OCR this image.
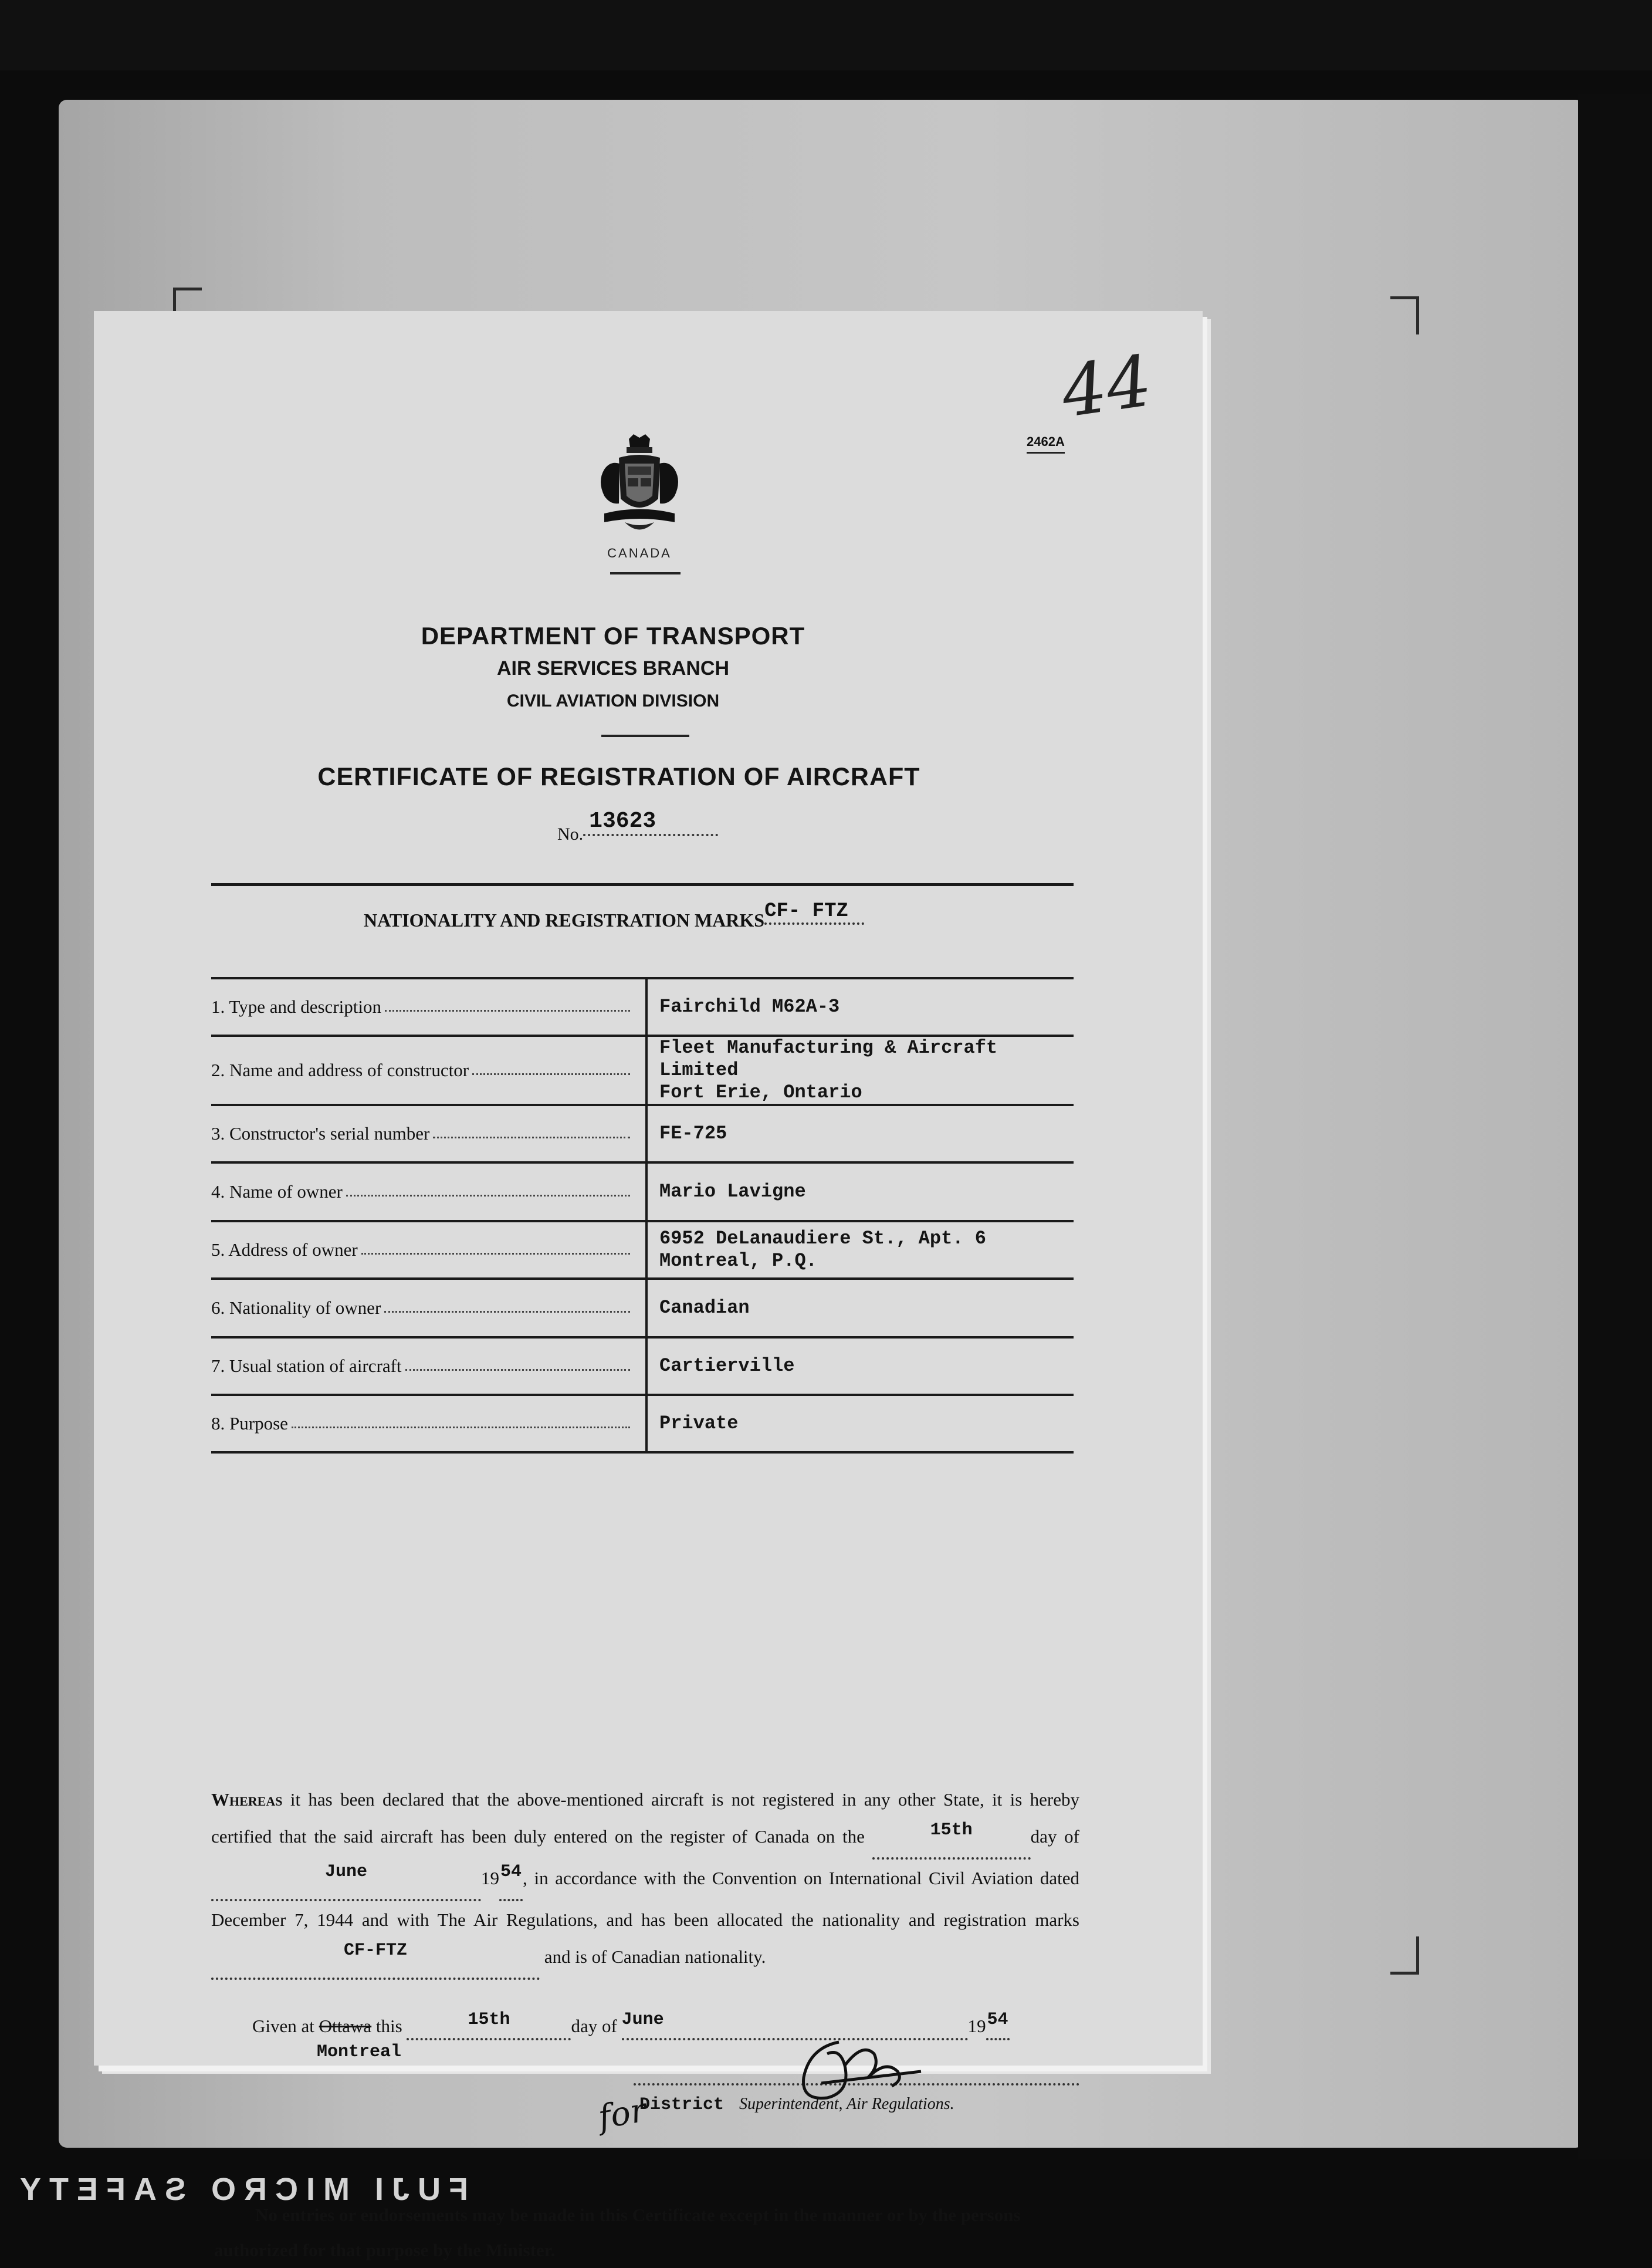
44
2462A
CANADA
DEPARTMENT OF TRANSPORT
AIR SERVICES BRANCH
CIVIL AVIATION DIVISION
CERTIFICATE OF REGISTRATION OF AIRCRAFT
No.13623
NATIONALITY AND REGISTRATION MARKSCF- FTZ
1. Type and description	Fairchild M62A-3

2. Name and address of constructor	Fleet Manufacturing & Aircraft Limited
Fort Erie, Ontario

3. Constructor's serial number	FE-725

4. Name of owner	Mario Lavigne

5. Address of owner	6952 DeLanaudiere St., Apt. 6
Montreal, P.Q.

6. Nationality of owner	Canadian

7. Usual station of aircraft	Cartierville

8. Purpose	Private
Whereas it has been declared that the above-mentioned aircraft is not registered in any other State, it is hereby certified that the said aircraft has been duly entered on the register of Canada on the	15th	day of June	1954, in accordance with the Convention on International Civil Aviation dated December 7, 1944 and with The Air Regulations, and has been allocated the nationality and registration marks CF-FTZ	and is of Canadian nationality.
Given at Ottawa this	15th	day of June	1954
Montreal
for
District Superintendent, Air Regulations.
No entries or endorsements may be made in this Certificate except in the manner or by the persons authorized for that purpose by the Minister.
FUJI MICRO SAFETY
